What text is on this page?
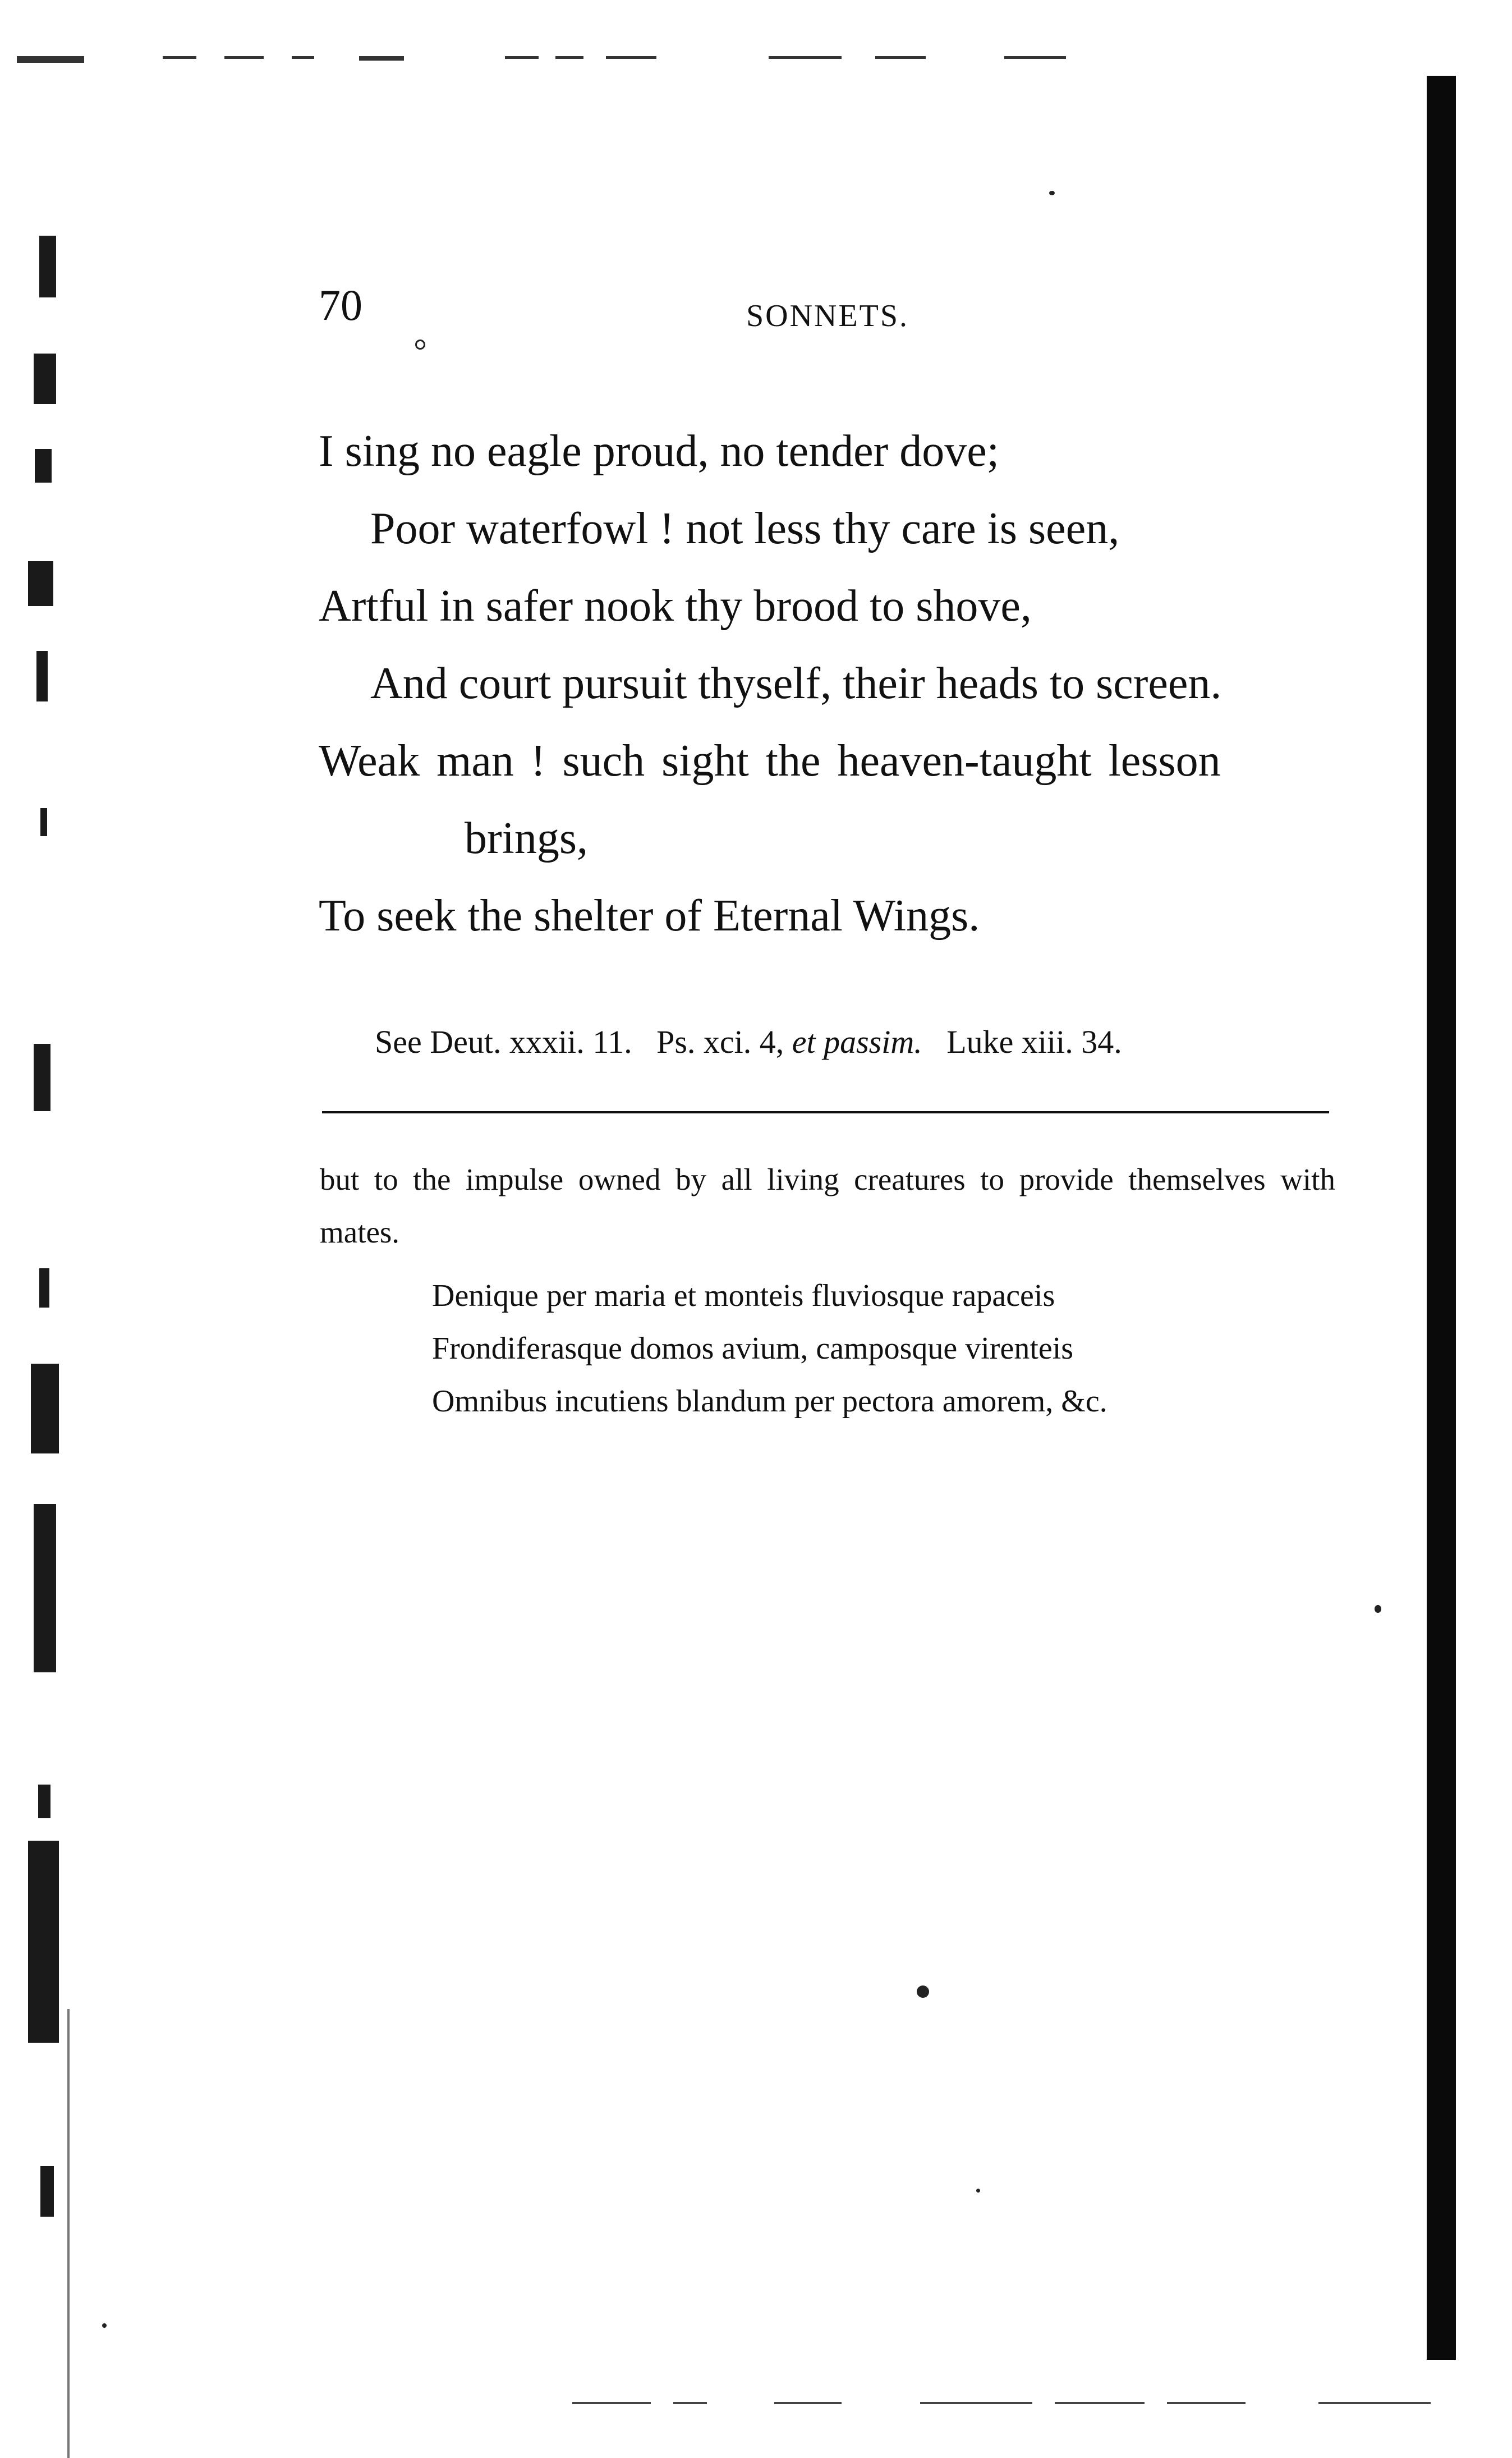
70	SONNETS.
I sing no eagle proud, no tender dove;
Poor waterfowl ! not less thy care is seen,
Artful in safer nook thy brood to shove,
And court pursuit thyself, their heads to screen.
Weak man ! such sight the heaven-taught lesson
brings,
To seek the shelter of Eternal Wings.
See Deut. xxxii. 11.   Ps. xci. 4, et passim.   Luke xiii. 34.
but to the impulse owned by all living creatures to provide themselves with mates.
Denique per maria et monteis fluviosque rapaceis
Frondiferasque domos avium, camposque virenteis
Omnibus incutiens blandum per pectora amorem, &c.
